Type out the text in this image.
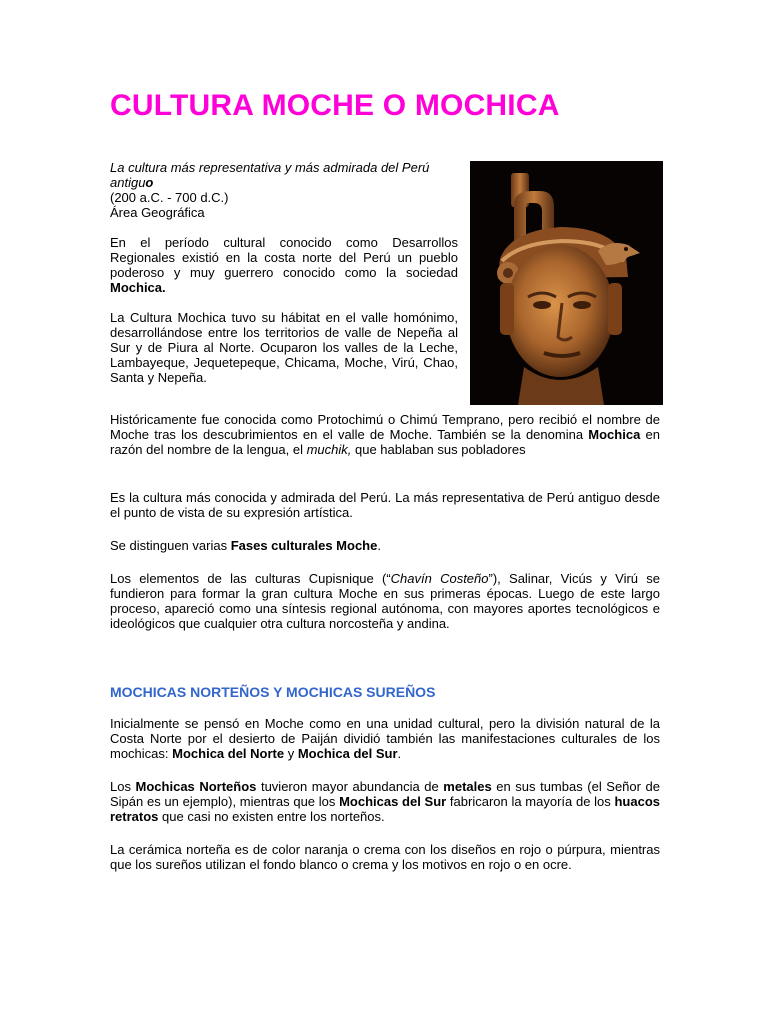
CULTURA MOCHE O MOCHICA

La cultura más representativa y más admirada del Perú antiguo

(200 a.C. - 700 d.C.)

Área Geográfica

En el período cultural conocido como Desarrollos Regionales existió en la costa norte del Perú un pueblo poderoso y muy guerrero conocido como la sociedad Mochica.

La Cultura Mochica tuvo su hábitat en el valle homónimo, desarrollándose entre los territorios de valle de Nepeña al Sur y de Piura al Norte. Ocuparon los valles de la Leche, Lambayeque, Jequetepeque, Chicama, Moche, Virú, Chao, Santa y Nepeña.

Históricamente fue conocida como Protochimú o Chimú Temprano, pero recibió el nombre de Moche tras los descubrimientos en el valle de Moche. También se la denomina Mochica en razón del nombre de la lengua, el muchik, que hablaban sus pobladores

Es la cultura más conocida y admirada del Perú. La más representativa de Perú antiguo desde el punto de vista de su expresión artística.

Se distinguen varias Fases culturales Moche.

Los elementos de las culturas Cupisnique (“Chavín Costeño”), Salinar, Vicús y Virú se fundieron para formar la gran cultura Moche en sus primeras épocas. Luego de este largo proceso, apareció como una síntesis regional autónoma, con mayores aportes tecnológicos e ideológicos que cualquier otra cultura norcosteña y andina.

MOCHICAS NORTEÑOS Y MOCHICAS SUREÑOS

Inicialmente se pensó en Moche como en una unidad cultural, pero la división natural de la Costa Norte por el desierto de Paiján dividió también las manifestaciones culturales de los mochicas: Mochica del Norte y Mochica del Sur.

Los Mochicas Norteños tuvieron mayor abundancia de metales en sus tumbas (el Señor de Sipán es un ejemplo), mientras que los Mochicas del Sur fabricaron la mayoría de los huacos retratos que casi no existen entre los norteños.

La cerámica norteña es de color naranja o crema con los diseños en rojo o púrpura, mientras que los sureños utilizan el fondo blanco o crema y los motivos en rojo o en ocre.
